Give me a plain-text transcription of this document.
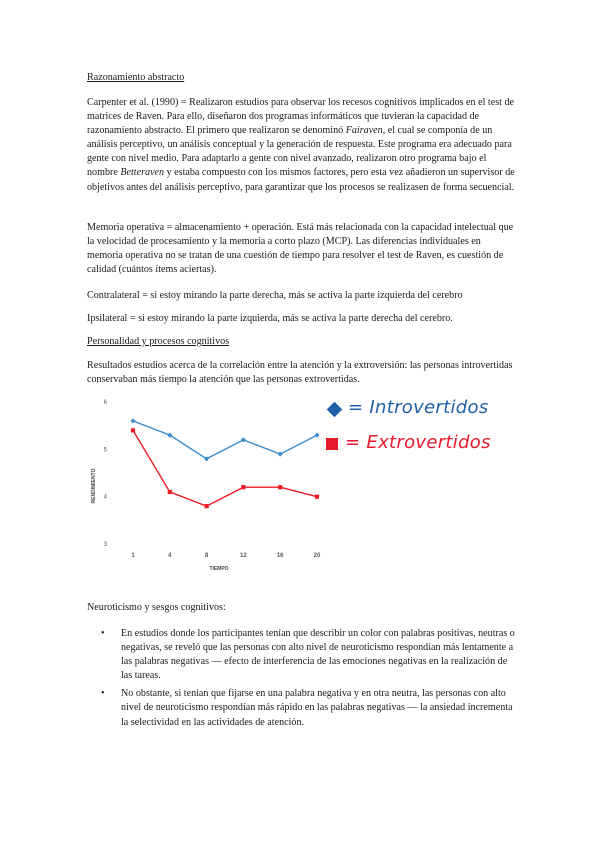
Razonamiento abstracto

Carpenter et al. (1990) = Realizaron estudios para observar los recesos cognitivos implicados en el test de matrices de Raven. Para ello, diseñaron dos programas informáticos que tuvieran la capacidad de razonamiento abstracto. El primero que realizaron se denominó Fairaven, el cual se componía de un análisis perceptivo, un análisis conceptual y la generación de respuesta. Este programa era adecuado para gente con nivel medio. Para adaptarlo a gente con nivel avanzado, realizaron otro programa bajo el nombre Betteraven y estaba compuesto con los mismos factores, pero esta vez añadieron un supervisor de objetivos antes del análisis perceptivo, para garantizar que los procesos se realizasen de forma secuencial.

Memoria operativa = almacenamiento + operación. Está más relacionada con la capacidad intelectual que la velocidad de procesamiento y la memoria a corto plazo (MCP). Las diferencias individuales en memoria operativa no se tratan de una cuestión de tiempo para resolver el test de Raven, es cuestión de calidad (cuántos ítems aciertas).

Contralateral = si estoy mirando la parte derecha, más se activa la parte izquierda del cerebro

Ipsilateral = si estoy mirando la parte izquierda, más se activa la parte derecha del cerebro.

Personalidad y procesos cognitivos

Resultados estudios acerca de la correlación entre la atención y la extroversión: las personas introvertidas conservaban más tiempo la atención que las personas extrovertidas.

6
5
4
3
1	4	8	12	16	20
RENDIMIENTO
TIEMPO
= Introvertidos
= Extrovertidos

Neuroticismo y sesgos cognitivos:

• En estudios donde los participantes tenían que describir un color con palabras positivas, neutras o negativas, se reveló que las personas con alto nivel de neuroticismo respondían más lentamente a las palabras negativas — efecto de interferencia de las emociones negativas en la realización de las tareas.
• No obstante, si tenían que fijarse en una palabra negativa y en otra neutra, las personas con alto nivel de neuroticismo respondían más rápido en las palabras negativas — la ansiedad incrementa la selectividad en las actividades de atención.
